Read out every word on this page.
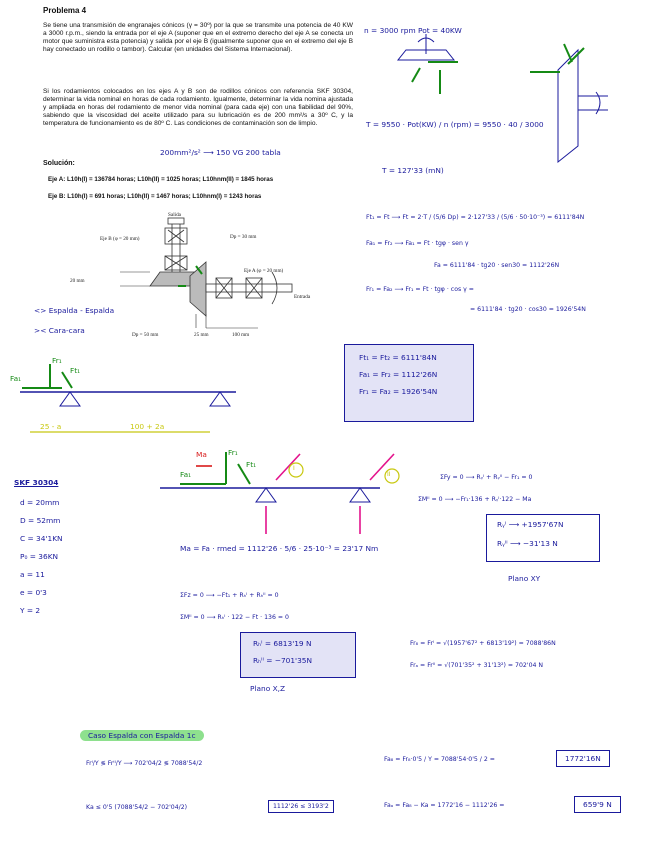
Problema 4
Se tiene una transmisión de engranajes cónicos (γ = 30º) por la que se transmite una potencia de 40 KW a 3000 r.p.m., siendo la entrada por el eje A (suponer que en el extremo derecho del eje A se conecta un motor que suministra esta potencia) y salida por el eje B (igualmente suponer que en el extremo del eje B hay conectado un rodillo o tambor). Calcular (en unidades del Sistema Internacional).
Si los rodamientos colocados en los ejes A y B son de rodillos cónicos con referencia SKF 30304, determinar la vida nominal en horas de cada rodamiento. Igualmente, determinar la vida nomina ajustada y ampliada en horas del rodamiento de menor vida nominal (para cada eje) con una fiabilidad del 90%, sabiendo que la viscosidad del aceite utilizado para su lubricación es de 200 mm²/s a 30º C, y la temperatura de funcionamiento es de 80º C. Las condiciones de contaminación son de limpio.
Solución:
Eje A: L10h(I) = 136784 horas; L10h(II) = 1025 horas; L10hnm(II) = 1845 horas
Eje B: L10h(I) = 691 horas; L10h(II) = 1467 horas; L10hnm(I) = 1243 horas
200mm²/s² ⟶ 150 VG 200 tabla
Salida
Eje B (φ = 20 mm)	Dp = 30 mm
20 mm
Eje A (φ = 20 mm)
Entrada
Dp = 50 mm	25 mm	100 mm
<> Espalda - Espalda
>< Cara-cara
n = 3000 rpm Pot = 40KW
T = 9550 · Pot(KW) / n (rpm) = 9550 · 40 / 3000
T = 127'33 (mN)
Ft₁ = Ft ⟶ Ft = 2·T / (5/6 Dp) = 2·127'33 / (5/6 · 50·10⁻³) = 6111'84N
Fa₁ = Fr₂ ⟶ Fa₁ = Ft · tgφ · sen γ
Fa = 6111'84 · tg20 · sen30 = 1112'26N
Fr₁ = Fa₂ ⟶ Fr₁ = Ft · tgφ · cos γ =
= 6111'84 · tg20 · cos30 = 1926'54N
Ft₁ = Ft₂ = 6111'84N
Fa₁ = Fr₂ = 1112'26N
Fr₁ = Fa₂ = 1926'54N
Fa₁
Fr₁
Ft₁
25 - a	100 + 2a
Ma
Fa₁
Fr₁
Ft₁	I
II	ΣFy = 0 ⟶ Rᵧᴵ + Rᵧᴵᴵ − Fr₁ = 0
ΣMᴵᴵ = 0 ⟶ −Fr₁·136 + Rᵧᴵ·122 − Ma
Rᵧᴵ ⟶ +1957'67N
Rᵧᴵᴵ ⟶ −31'13 N
Plano XY
SKF 30304
d = 20mm
D = 52mm
C = 34'1KN
P₀ = 36KN
a = 11
e = 0'3
Y = 2
Ma = Fa · rmed = 1112'26 · 5/6 · 25·10⁻³ = 23'17 Nm
ΣFz = 0 ⟶ −Ft₁ + Rₕᴵ + Rₕᴵᴵ = 0
ΣMᴵᴵ = 0 ⟶ Rₕᴵ · 122 − Ft · 136 = 0
Rₕᴵ = 6813'19 N
Rₕᴵᴵ = −701'35N
Plano X,Z
Fr₈ = Frᴵ = √(1957'67² + 6813'19²) = 7088'86N
Frₐ = Frᴵᴵ = √(701'35² + 31'13²) = 702'04 N
Caso Espalda con Espalda 1c
Frᴵ/Y ≶ Frᴵᴵ/Y ⟶ 702'04/2 ≶ 7088'54/2
Ka ≤ 0'5 (7088'54/2 − 702'04/2)	1112'26 ≤ 3193'2
Fa₈ = Fr₈·0'5 / Y = 7088'54·0'5 / 2 =	1772'16N
Faₐ = Fa₈ − Ka = 1772'16 − 1112'26 =	659'9 N
